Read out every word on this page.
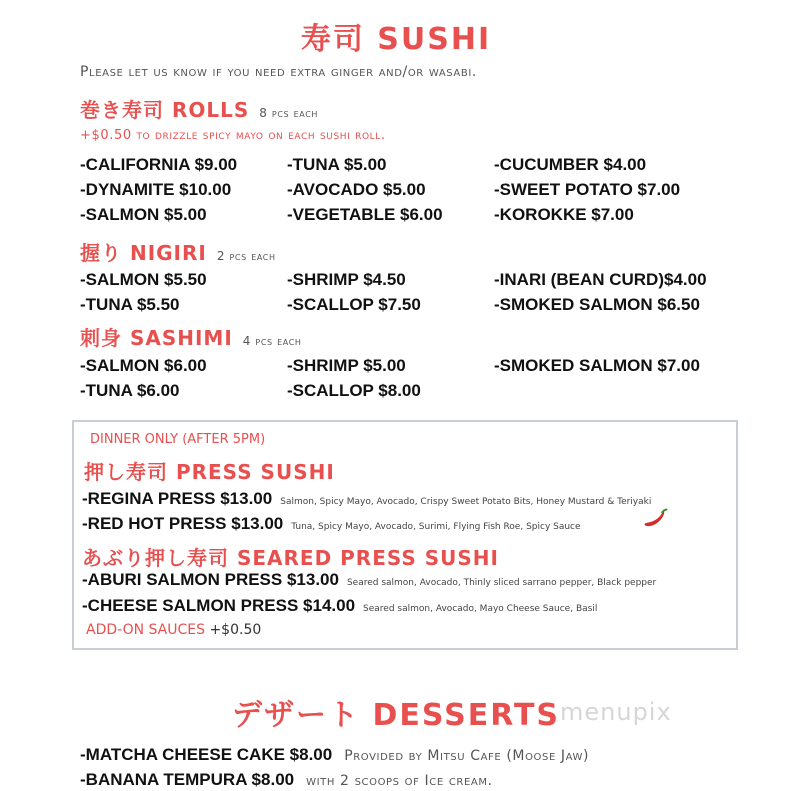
寿司 SUSHI
Please let us know if you need extra ginger and/or wasabi.
巻き寿司 ROLLS 8 pcs each
+$0.50 to drizzle spicy mayo on each sushi roll.
-CALIFORNIA $9.00	-TUNA $5.00	-CUCUMBER $4.00
-DYNAMITE $10.00	-AVOCADO $5.00	-SWEET POTATO $7.00
-SALMON $5.00	-VEGETABLE $6.00	-KOROKKE $7.00
握り NIGIRI 2 pcs each
-SALMON $5.50	-SHRIMP $4.50	-INARI (BEAN CURD)$4.00
-TUNA $5.50	-SCALLOP $7.50	-SMOKED SALMON $6.50
刺身 SASHIMI 4 pcs each
-SALMON $6.00	-SHRIMP $5.00	-SMOKED SALMON $7.00
-TUNA $6.00	-SCALLOP $8.00
DINNER ONLY (AFTER 5PM)
押し寿司 PRESS SUSHI
-REGINA PRESS $13.00 Salmon, Spicy Mayo, Avocado, Crispy Sweet Potato Bits, Honey Mustard & Teriyaki
-RED HOT PRESS $13.00 Tuna, Spicy Mayo, Avocado, Surimi, Flying Fish Roe, Spicy Sauce
あぶり押し寿司 SEARED PRESS SUSHI
-ABURI SALMON PRESS $13.00 Seared salmon, Avocado, Thinly sliced sarrano pepper, Black pepper
-CHEESE SALMON PRESS $14.00 Seared salmon, Avocado, Mayo Cheese Sauce, Basil
ADD-ON SAUCES +$0.50
デザート DESSERTS menupix
-MATCHA CHEESE CAKE $8.00 Provided by Mitsu Cafe (Moose Jaw)
-BANANA TEMPURA $8.00 with 2 scoops of Ice cream.
